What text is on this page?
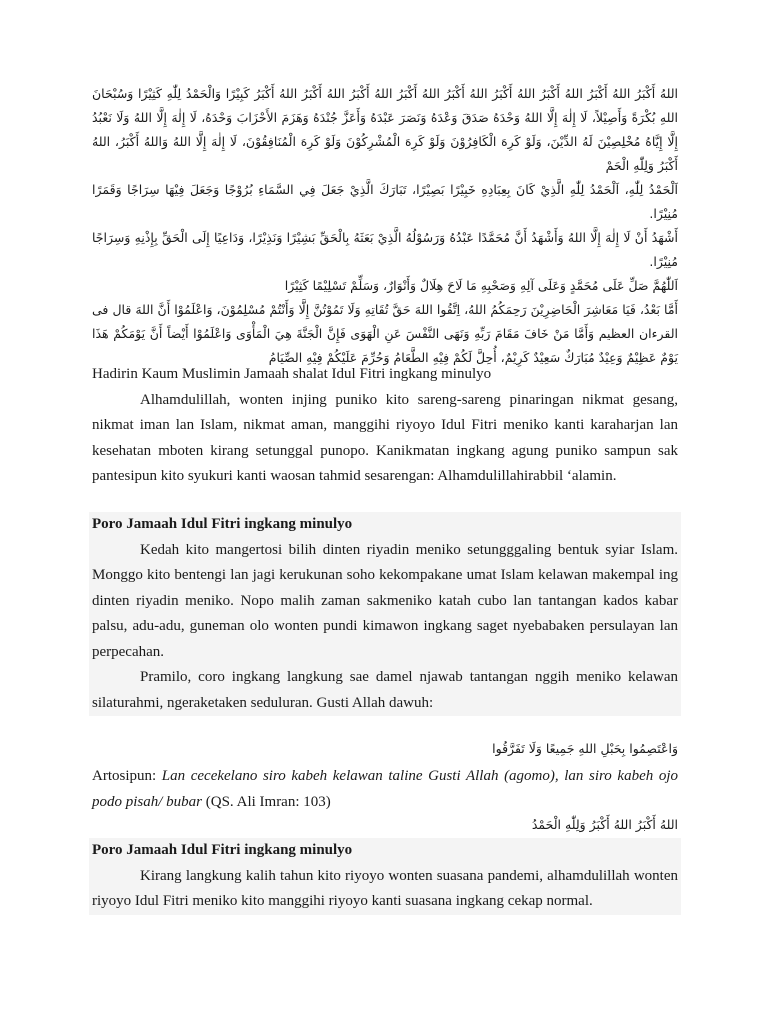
اللهُ أَكْبَرُ اللهُ أَكْبَرُ اللهُ أَكْبَرُ اللهُ أَكْبَرُ اللهُ أَكْبَرُ اللهُ أَكْبَرُ اللهُ أَكْبَرُ اللهُ أَكْبَرُ اللهُ أَكْبَرُ كَبِيْرًا وَالْحَمْدُ لِلّٰهِ كَثِيْرًا وَسُبْحَانَ اللهِ بُكْرَةً وَأَصِيْلاً، لَا إِلٰهَ إِلَّا اللهُ وَحْدَهُ صَدَقَ وَعْدَهُ وَنَصَرَ عَبْدَهُ وَأَعَزَّ جُنْدَهُ وَهَزَمَ الأَحْزَابَ وَحْدَهُ، لَا إِلٰهَ إِلَّا اللهُ وَلَا نَعْبُدُ إِلَّا إِيَّاهُ مُخْلِصِيْنَ لَهُ الدِّيْنَ، وَلَوْ كَرِهَ الْكَافِرُوْنَ وَلَوْ كَرِهَ الْمُشْرِكُوْنَ وَلَوْ كَرِهَ الْمُنَافِقُوْنَ، لَا إِلٰهَ إِلَّا اللهُ وَاللهُ أَكْبَرُ، اللهُ أَكْبَرُ وَلِلّٰهِ الْحَمْ

اَلْحَمْدُ لِلّٰهِ، اَلْحَمْدُ لِلّٰهِ الَّذِيْ كَانَ بِعِبَادِهِ خَبِيْرًا بَصِيْرًا، تَبَارَكَ الَّذِيْ جَعَلَ فِي السَّمَاءِ بُرُوْجًا وَجَعَلَ فِيْهَا سِرَاجًا وَقَمَرًا مُنِيْرًا.

أَشْهَدُ أَنْ لَا إِلٰهَ إِلَّا اللهُ وَأَشْهَدُ أَنَّ مُحَمَّدًا عَبْدُهُ وَرَسُوْلُهُ الَّذِيْ بَعَثَهُ بِالْحَقِّ بَشِيْرًا وَنَذِيْرًا، وَدَاعِيًا إِلَى الْحَقِّ بِإِذْنِهِ وَسِرَاجًا مُنِيْرًا.

اَللّٰهُمَّ صَلِّ عَلَى مُحَمَّدٍ وَعَلَى آلِهِ وَصَحْبِهِ مَا لَاحَ هِلَالٌ وَأَنْوَارٌ، وَسَلِّمْ تَسْلِيْمًا كَثِيْرًا

أَمَّا بَعْدُ، فَيَا مَعَاشِرَ الْحَاضِرِيْنَ رَحِمَكُمُ اللهُ، اِتَّقُوا اللهَ حَقَّ تُقَاتِهِ وَلَا تَمُوْتُنَّ إِلَّا وَأَنْتُمْ مُسْلِمُوْنَ، وَاعْلَمُوْا أَنَّ اللهَ قال فى القرءان العظيم وَأَمَّا مَنْ خَافَ مَقَامَ رَبِّهِ وَنَهَى النَّفْسَ عَنِ الْهَوَى فَإِنَّ الْجَنَّةَ هِيَ الْمَأْوَى وَاعْلَمُوْا أَيْضاً أَنَّ يَوْمَكُمْ هَذَا يَوْمٌ عَظِيْمٌ وَعِيْدٌ مُبَارَكٌ سَعِيْدٌ كَرِيْمٌ، أُحِلَّ لَكُمْ فِيْهِ الطَّعَامُ وَحُرِّمَ عَلَيْكُمْ فِيْهِ الصِّيَامُ

Hadirin Kaum Muslimin Jamaah shalat Idul Fitri ingkang minulyo

Alhamdulillah, wonten injing puniko kito sareng-sareng pinaringan nikmat gesang, nikmat iman lan Islam, nikmat aman, manggihi riyoyo Idul Fitri meniko kanti karaharjan lan kesehatan mboten kirang setunggal punopo. Kanikmatan ingkang agung puniko sampun sak pantesipun kito syukuri kanti waosan tahmid sesarengan: Alhamdulillahirabbil ‘alamin.

Poro Jamaah Idul Fitri ingkang minulyo

Kedah kito mangertosi bilih dinten riyadin meniko setungggaling bentuk syiar Islam. Monggo kito bentengi lan jagi kerukunan soho kekompakane umat Islam kelawan makempal ing dinten riyadin meniko. Nopo malih zaman sakmeniko katah cubo lan tantangan kados kabar palsu, adu-adu, guneman olo wonten pundi kimawon ingkang saget nyebabaken persulayan lan perpecahan.

Pramilo, coro ingkang langkung sae damel njawab tantangan nggih meniko kelawan silaturahmi, ngeraketaken seduluran. Gusti Allah dawuh:

وَاعْتَصِمُوا بِحَبْلِ اللهِ جَمِيعًا وَلَا تَفَرَّقُوا

Artosipun: Lan cecekelano siro kabeh kelawan taline Gusti Allah (agomo), lan siro kabeh ojo podo pisah/ bubar (QS. Ali Imran: 103)

اللهُ أَكْبَرُ اللهُ أَكْبَرُ وَلِلّٰهِ الْحَمْدُ

Poro Jamaah Idul Fitri ingkang minulyo

Kirang langkung kalih tahun kito riyoyo wonten suasana pandemi, alhamdulillah wonten riyoyo Idul Fitri meniko kito manggihi riyoyo kanti suasana ingkang cekap normal.
